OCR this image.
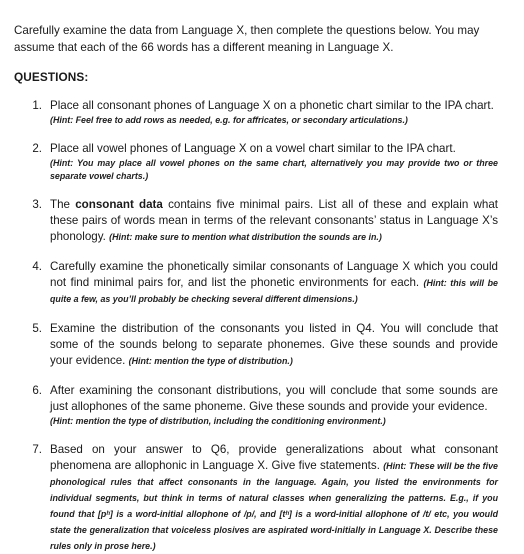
Carefully examine the data from Language X, then complete the questions below. You may assume that each of the 66 words has a different meaning in Language X.

QUESTIONS:
1. Place all consonant phones of Language X on a phonetic chart similar to the IPA chart.
(Hint: Feel free to add rows as needed, e.g. for affricates, or secondary articulations.)
2. Place all vowel phones of Language X on a vowel chart similar to the IPA chart.
(Hint: You may place all vowel phones on the same chart, alternatively you may provide two or three separate vowel charts.)
3. The consonant data contains five minimal pairs. List all of these and explain what these pairs of words mean in terms of the relevant consonants’ status in Language X’s phonology. (Hint: make sure to mention what distribution the sounds are in.)
4. Carefully examine the phonetically similar consonants of Language X which you could not find minimal pairs for, and list the phonetic environments for each. (Hint: this will be quite a few, as you’ll probably be checking several different dimensions.)
5. Examine the distribution of the consonants you listed in Q4. You will conclude that some of the sounds belong to separate phonemes. Give these sounds and provide your evidence. (Hint: mention the type of distribution.)
6. After examining the consonant distributions, you will conclude that some sounds are just allophones of the same phoneme. Give these sounds and provide your evidence.
(Hint: mention the type of distribution, including the conditioning environment.)
7. Based on your answer to Q6, provide generalizations about what consonant phenomena are allophonic in Language X. Give five statements. (Hint: These will be the five phonological rules that affect consonants in the language. Again, you listed the environments for individual segments, but think in terms of natural classes when generalizing the patterns. E.g., if you found that [pʰ] is a word-initial allophone of /p/, and [tʰ] is a word-initial allophone of /t/ etc, you would state the generalization that voiceless plosives are aspirated word-initially in Language X. Describe these rules only in prose here.)
